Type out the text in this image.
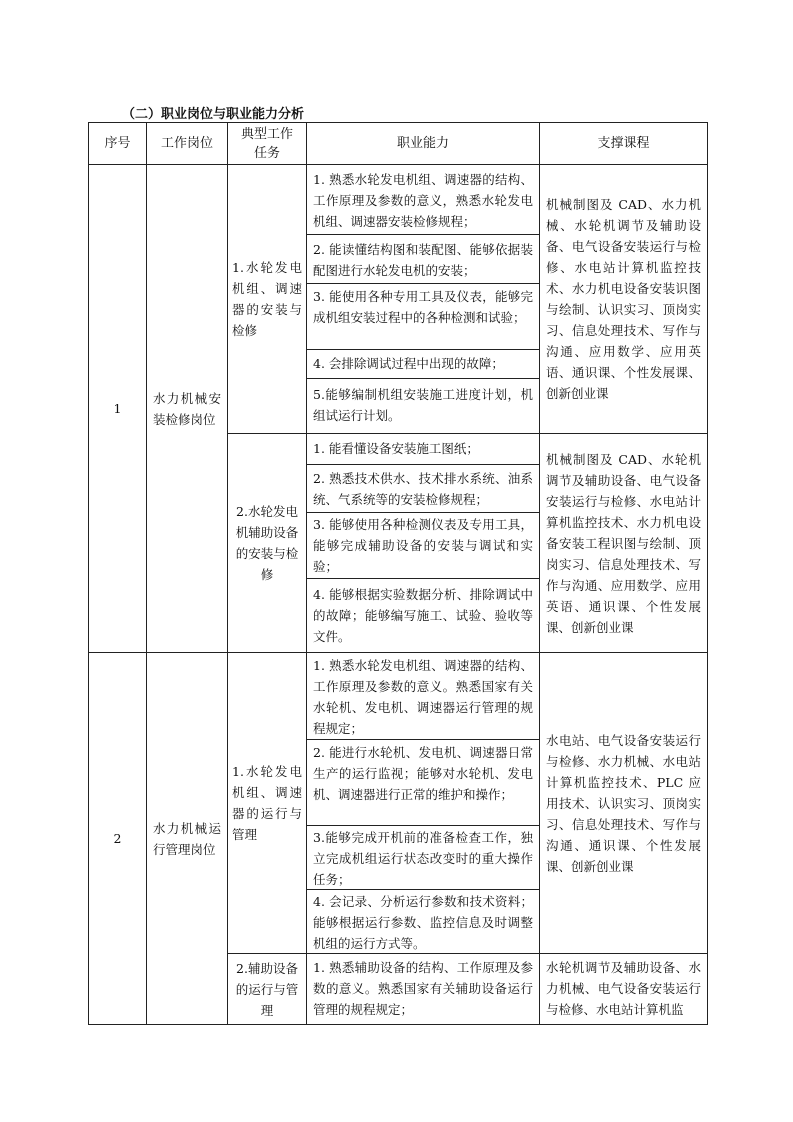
（二）职业岗位与职业能力分析
序号	工作岗位	典型工作任务	职业能力	支撑课程
1	水力机械安装检修岗位	1.水轮发电机组、调速器的安装与检修	1. 熟悉水轮发电机组、调速器的结构、工作原理及参数的意义，熟悉水轮发电机组、调速器安装检修规程；
2. 能读懂结构图和装配图、能够依据装配图进行水轮发电机的安装；
3. 能使用各种专用工具及仪表，能够完成机组安装过程中的各种检测和试验；
4. 会排除调试过程中出现的故障；
5.能够编制机组安装施工进度计划，机组试运行计划。	机械制图及 CAD、水力机械、水轮机调节及辅助设备、电气设备安装运行与检修、水电站计算机监控技术、水力机电设备安装识图与绘制、认识实习、顶岗实习、信息处理技术、写作与沟通、应用数学、应用英语、通识课、个性发展课、创新创业课
		2.水轮发电机辅助设备的安装与检修	1. 能看懂设备安装施工图纸；
2. 熟悉技术供水、技术排水系统、油系统、气系统等的安装检修规程；
3. 能够使用各种检测仪表及专用工具，能够完成辅助设备的安装与调试和实验；
4. 能够根据实验数据分析、排除调试中的故障；能够编写施工、试验、验收等文件。	机械制图及 CAD、水轮机调节及辅助设备、电气设备安装运行与检修、水电站计算机监控技术、水力机电设备安装工程识图与绘制、顶岗实习、信息处理技术、写作与沟通、应用数学、应用英语、通识课、个性发展课、创新创业课
2	水力机械运行管理岗位	1.水轮发电机组、调速器的运行与管理	1. 熟悉水轮发电机组、调速器的结构、工作原理及参数的意义。熟悉国家有关水轮机、发电机、调速器运行管理的规程规定；
2. 能进行水轮机、发电机、调速器日常生产的运行监视；能够对水轮机、发电机、调速器进行正常的维护和操作；
3.能够完成开机前的准备检查工作，独立完成机组运行状态改变时的重大操作任务；
4. 会记录、分析运行参数和技术资料；能够根据运行参数、监控信息及时调整机组的运行方式等。	水电站、电气设备安装运行与检修、水力机械、水电站计算机监控技术、PLC 应用技术、认识实习、顶岗实习、信息处理技术、写作与沟通、通识课、个性发展课、创新创业课
		2.辅助设备的运行与管理	1. 熟悉辅助设备的结构、工作原理及参数的意义。熟悉国家有关辅助设备运行管理的规程规定；	水轮机调节及辅助设备、水力机械、电气设备安装运行与检修、水电站计算机监
